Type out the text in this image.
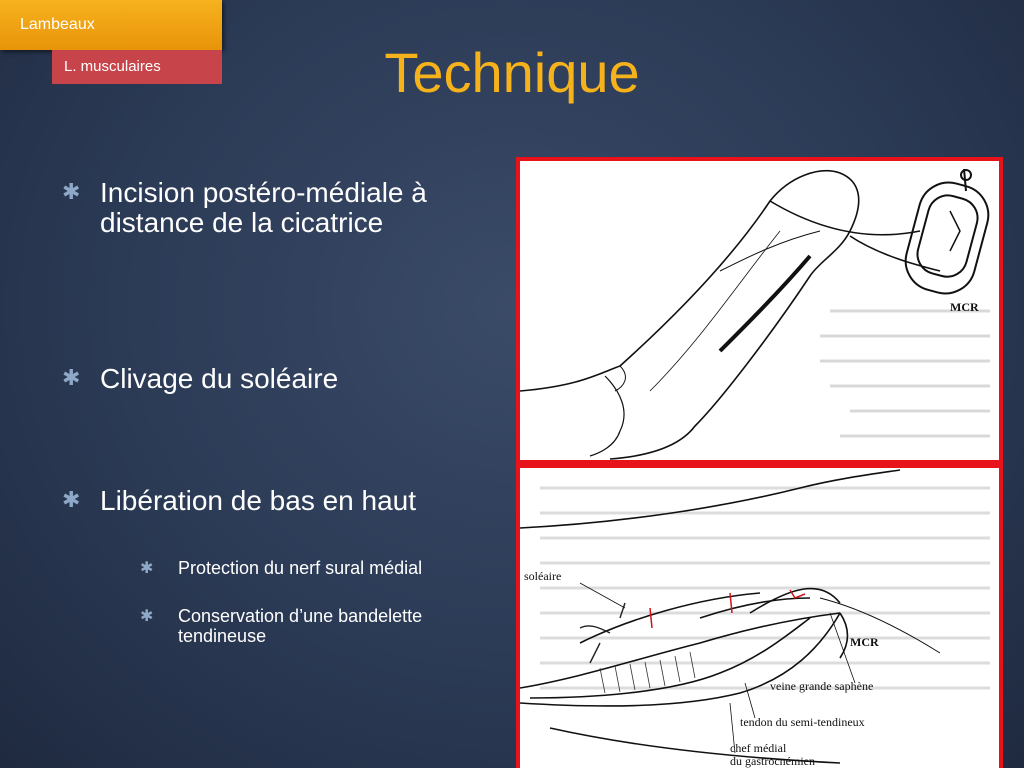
Lambeaux
L. musculaires	Technique
✱ Incision postéro-médiale à distance de la cicatrice
✱ Clivage du soléaire
✱ Libération de bas en haut
✱ Protection du nerf sural médial
✱ Conservation d’une bandelette tendineuse
MCR
soléaire
veine grande saphène
tendon du semi-tendineux
chef médial
du gastrocnémien
MCR
